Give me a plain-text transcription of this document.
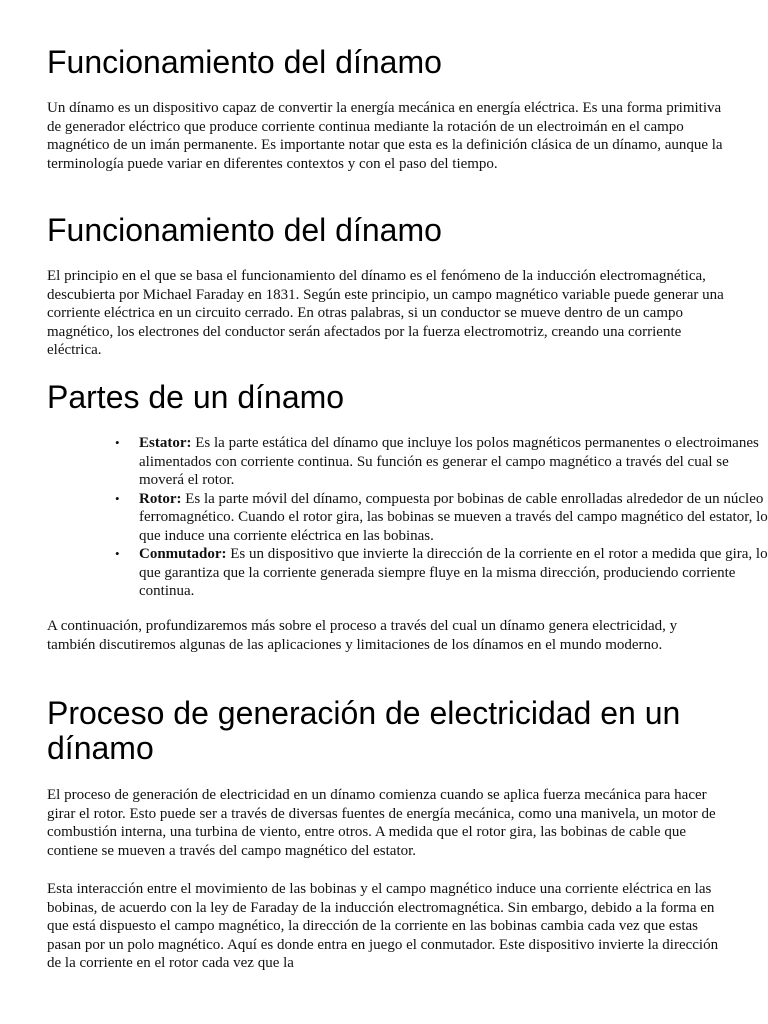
Funcionamiento del dínamo

Un dínamo es un dispositivo capaz de convertir la energía mecánica en energía eléctrica. Es una forma primitiva de generador eléctrico que produce corriente continua mediante la rotación de un electroimán en el campo magnético de un imán permanente. Es importante notar que esta es la definición clásica de un dínamo, aunque la terminología puede variar en diferentes contextos y con el paso del tiempo.

Funcionamiento del dínamo

El principio en el que se basa el funcionamiento del dínamo es el fenómeno de la inducción electromagnética, descubierta por Michael Faraday en 1831. Según este principio, un campo magnético variable puede generar una corriente eléctrica en un circuito cerrado. En otras palabras, si un conductor se mueve dentro de un campo magnético, los electrones del conductor serán afectados por la fuerza electromotriz, creando una corriente eléctrica.

Partes de un dínamo
• Estator: Es la parte estática del dínamo que incluye los polos magnéticos permanentes o electroimanes alimentados con corriente continua. Su función es generar el campo magnético a través del cual se moverá el rotor.
• Rotor: Es la parte móvil del dínamo, compuesta por bobinas de cable enrolladas alrededor de un núcleo ferromagnético. Cuando el rotor gira, las bobinas se mueven a través del campo magnético del estator, lo que induce una corriente eléctrica en las bobinas.
• Conmutador: Es un dispositivo que invierte la dirección de la corriente en el rotor a medida que gira, lo que garantiza que la corriente generada siempre fluye en la misma dirección, produciendo corriente continua.

A continuación, profundizaremos más sobre el proceso a través del cual un dínamo genera electricidad, y también discutiremos algunas de las aplicaciones y limitaciones de los dínamos en el mundo moderno.

Proceso de generación de electricidad en un dínamo

El proceso de generación de electricidad en un dínamo comienza cuando se aplica fuerza mecánica para hacer girar el rotor. Esto puede ser a través de diversas fuentes de energía mecánica, como una manivela, un motor de combustión interna, una turbina de viento, entre otros. A medida que el rotor gira, las bobinas de cable que contiene se mueven a través del campo magnético del estator.

Esta interacción entre el movimiento de las bobinas y el campo magnético induce una corriente eléctrica en las bobinas, de acuerdo con la ley de Faraday de la inducción electromagnética. Sin embargo, debido a la forma en que está dispuesto el campo magnético, la dirección de la corriente en las bobinas cambia cada vez que estas pasan por un polo magnético. Aquí es donde entra en juego el conmutador. Este dispositivo invierte la dirección de la corriente en el rotor cada vez que la
